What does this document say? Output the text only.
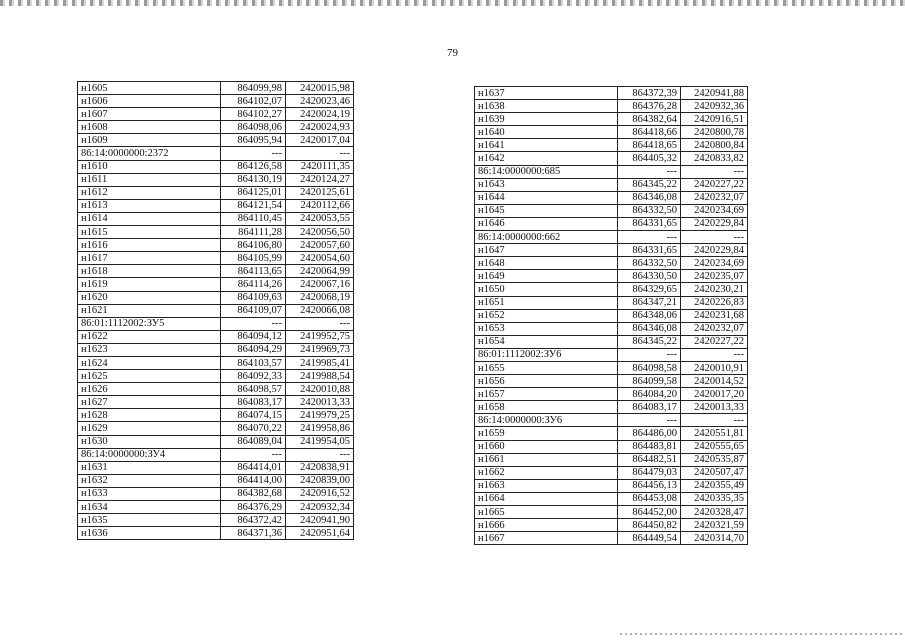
79
н1605	864099,98	2420015,98
н1606	864102,07	2420023,46
н1607	864102,27	2420024,19
н1608	864098,06	2420024,93
н1609	864095,94	2420017,04
86:14:0000000:2372	---	---
н1610	864126,58	2420111,35
н1611	864130,19	2420124,27
н1612	864125,01	2420125,61
н1613	864121,54	2420112,66
н1614	864110,45	2420053,55
н1615	864111,28	2420056,50
н1616	864106,80	2420057,60
н1617	864105,99	2420054,60
н1618	864113,65	2420064,99
н1619	864114,26	2420067,16
н1620	864109,63	2420068,19
н1621	864109,07	2420066,08
86:01:1112002:ЗУ5	---	---
н1622	864094,12	2419952,75
н1623	864094,29	2419969,73
н1624	864103,57	2419985,41
н1625	864092,33	2419988,54
н1626	864098,57	2420010,88
н1627	864083,17	2420013,33
н1628	864074,15	2419979,25
н1629	864070,22	2419958,86
н1630	864089,04	2419954,05
86:14:0000000:ЗУ4	---	---
н1631	864414,01	2420838,91
н1632	864414,00	2420839,00
н1633	864382,68	2420916,52
н1634	864376,29	2420932,34
н1635	864372,42	2420941,90
н1636	864371,36	2420951,64
н1637	864372,39	2420941,88
н1638	864376,28	2420932,36
н1639	864382,64	2420916,51
н1640	864418,66	2420800,78
н1641	864418,65	2420800,84
н1642	864405,32	2420833,82
86:14:0000000:685	---	---
н1643	864345,22	2420227,22
н1644	864346,08	2420232,07
н1645	864332,50	2420234,69
н1646	864331,65	2420229,84
86:14:0000000:662	---	---
н1647	864331,65	2420229,84
н1648	864332,50	2420234,69
н1649	864330,50	2420235,07
н1650	864329,65	2420230,21
н1651	864347,21	2420226,83
н1652	864348,06	2420231,68
н1653	864346,08	2420232,07
н1654	864345,22	2420227,22
86:01:1112002:ЗУ6	---	---
н1655	864098,58	2420010,91
н1656	864099,58	2420014,52
н1657	864084,20	2420017,20
н1658	864083,17	2420013,33
86:14:0000000:ЗУ6	---	---
н1659	864486,00	2420551,81
н1660	864483,81	2420555,65
н1661	864482,51	2420535,87
н1662	864479,03	2420507,47
н1663	864456,13	2420355,49
н1664	864453,08	2420335,35
н1665	864452,00	2420328,47
н1666	864450,82	2420321,59
н1667	864449,54	2420314,70
